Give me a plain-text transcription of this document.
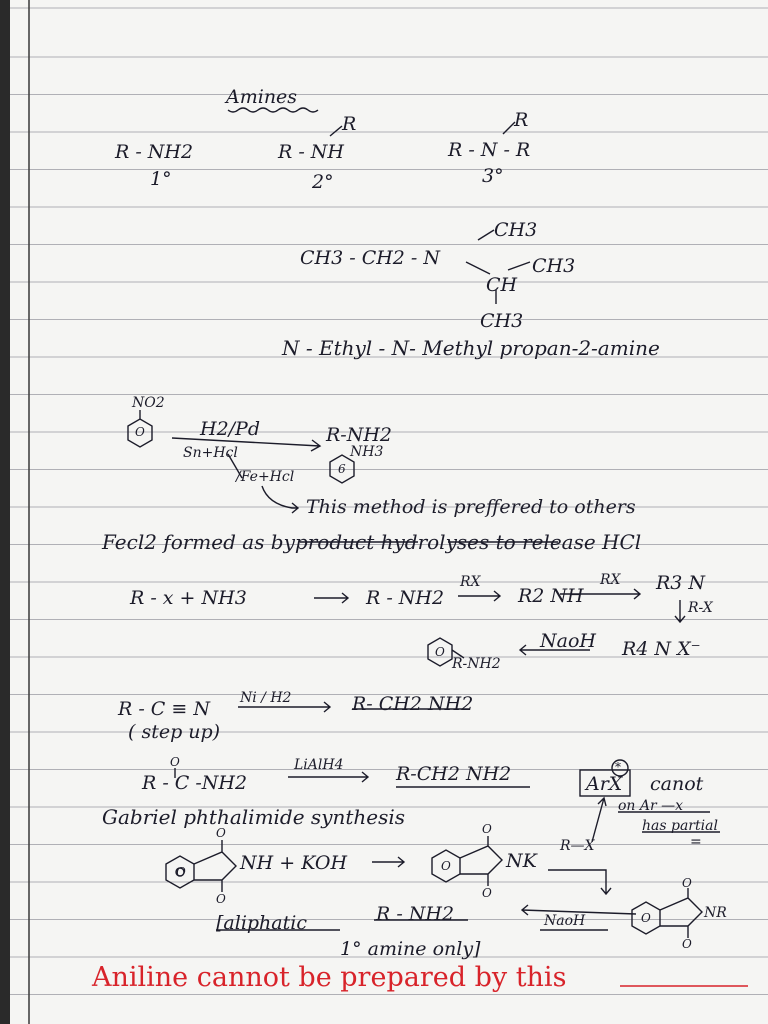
Amines
R - NH2
1°
R
R - NH
2°
R
R - N - R
3°
CH3
CH3 - CH2 - N	CH3
CH
CH3
N - Ethyl - N- Methyl propan-2-amine
NO2
O	H2/Pd
Sn+Hcl
/Fe+Hcl
R-NH2
NH3
6
This method is preffered to others
Fecl2 formed as byproduct hydrolyses to release HCl
R - x + NH3	R - NH2
RX
R2 NH
RX R3 N
R-X
NaoH R4 N X⁻
O
R-NH2
R - C ≡ N Ni / H2	R- CH2 NH2
( step up)
O
R - C -NH2
LiAlH4	R-CH2 NH2
Gabriel phthalimide synthesis
ArX
*
canot
on Ar —x
has partial
=
O
O	NH + KOH
O
O
O
NK
O
R—X
[aliphatic	R - NH2	NaoH	O
O
NR
O
1° amine only]
Aniline cannot be prepared by this
